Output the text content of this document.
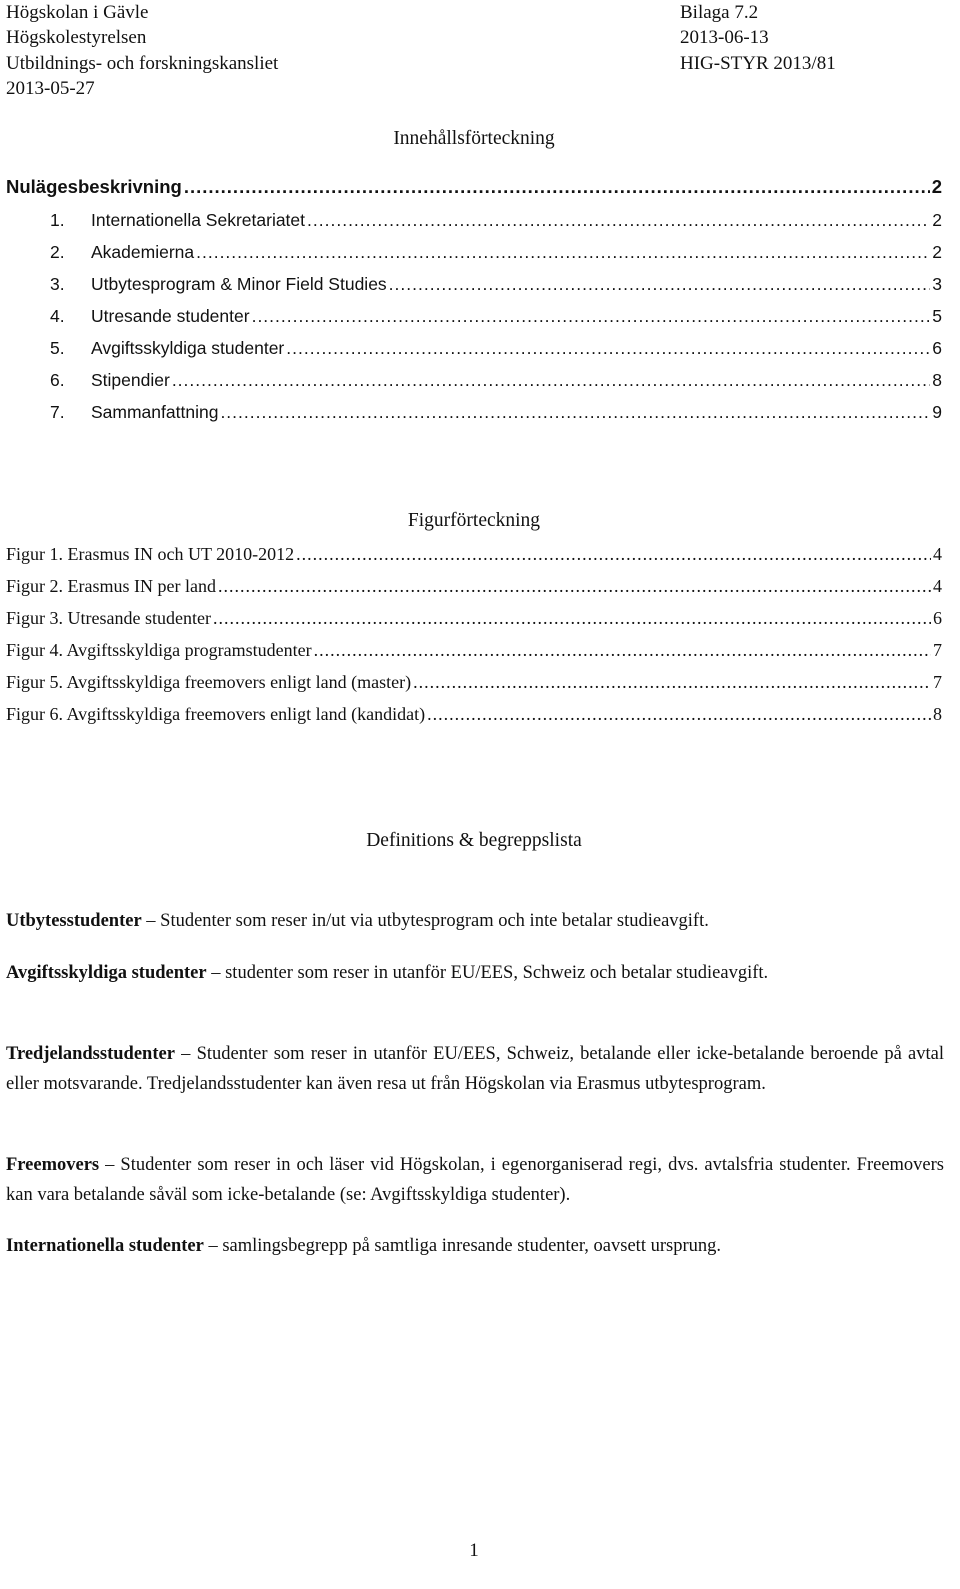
Högskolan i Gävle
Högskolestyrelsen
Utbildnings- och forskningskansliet
2013-05-27
Bilaga 7.2
2013-06-13
HIG-STYR 2013/81
Innehållsförteckning
Nulägesbeskrivning .....	2
1. Internationella Sekretariatet .....	2
2. Akademierna .....	2
3. Utbytesprogram & Minor Field Studies .....	3
4. Utresande studenter .....	5
5. Avgiftsskyldiga studenter .....	6
6. Stipendier .....	8
7. Sammanfattning .....	9
Figurförteckning
Figur 1. Erasmus IN och UT 2010-2012 .....	4
Figur 2. Erasmus IN per land .....	4
Figur 3. Utresande studenter .....	6
Figur 4. Avgiftsskyldiga programstudenter .....	7
Figur 5. Avgiftsskyldiga freemovers enligt land (master) .....	7
Figur 6. Avgiftsskyldiga freemovers enligt land (kandidat) .....	8
Definitions & begreppslista
Utbytesstudenter – Studenter som reser in/ut via utbytesprogram och inte betalar studieavgift.
Avgiftsskyldiga studenter – studenter som reser in utanför EU/EES, Schweiz och betalar studieavgift.
Tredjelandsstudenter – Studenter som reser in utanför EU/EES, Schweiz, betalande eller icke-betalande beroende på avtal eller motsvarande. Tredjelandsstudenter kan även resa ut från Högskolan via Erasmus utbytesprogram.
Freemovers – Studenter som reser in och läser vid Högskolan, i egenorganiserad regi, dvs. avtalsfria studenter. Freemovers kan vara betalande såväl som icke-betalande (se: Avgiftsskyldiga studenter).
Internationella studenter – samlingsbegrepp på samtliga inresande studenter, oavsett ursprung.
1
